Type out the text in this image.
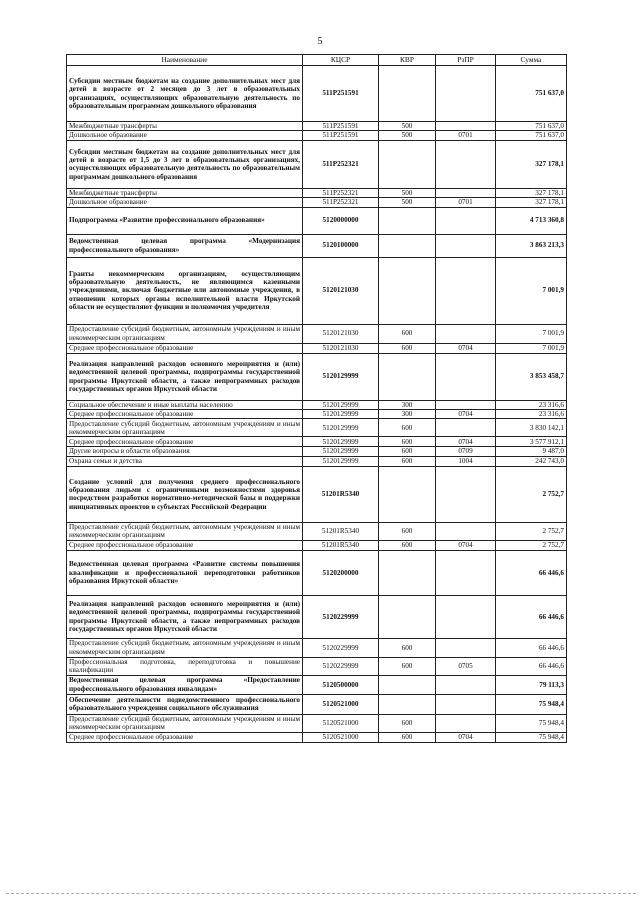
5
Наименование	КЦСР	КВР	РзПР	Сумма
Субсидии местным бюджетам на создание дополнительных мест для детей в возрасте от 2 месяцев до 3 лет в образовательных организациях, осуществляющих образовательную деятельность по образовательным программам дошкольного образования	511P251591			751 637,0
Межбюджетные трансферты	511P251591	500		751 637,0
Дошкольное образование	511P251591	500	0701	751 637,0
Субсидии местным бюджетам на создание дополнительных мест для детей в возрасте от 1,5 до 3 лет в образовательных организациях, осуществляющих образовательную деятельность по образовательным программам дошкольного образования	511P252321			327 178,1
Межбюджетные трансферты	511P252321	500		327 178,1
Дошкольное образование	511P252321	500	0701	327 178,1
Подпрограмма «Развитие профессионального образования»	5120000000			4 713 360,8
Ведомственная целевая программа «Модернизация профессионального образования»	5120100000			3 863 213,3
Гранты некоммерческим организациям, осуществляющим образовательную деятельность, не являющимся казенными учреждениями, включая бюджетные или автономные учреждения, в отношении которых органы исполнительной власти Иркутской области не осуществляют функции и полномочия учредителя	5120121030			7 001,9
Предоставление субсидий бюджетным, автономным учреждениям и иным некоммерческим организациям	5120121030	600		7 001,9
Среднее профессиональное образование	5120121030	600	0704	7 001,9
Реализация направлений расходов основного мероприятия и (или) ведомственной целевой программы, подпрограммы государственной программы Иркутской области, а также непрограммных расходов государственных органов Иркутской области	5120129999			3 853 458,7
Социальное обеспечение и иные выплаты населению	5120129999	300		23 316,6
Среднее профессиональное образование	5120129999	300	0704	23 316,6
Предоставление субсидий бюджетным, автономным учреждениям и иным некоммерческим организациям	5120129999	600		3 830 142,1
Среднее профессиональное образование	5120129999	600	0704	3 577 912,1
Другие вопросы в области образования	5120129999	600	0709	9 487,0
Охрана семьи и детства	5120129999	600	1004	242 743,0
Создание условий для получения среднего профессионального образования людьми с ограниченными возможностями здоровья посредством разработки нормативно-методической базы и поддержки инициативных проектов в субъектах Российской Федерации	51201R5340			2 752,7
Предоставление субсидий бюджетным, автономным учреждениям и иным некоммерческим организациям	51201R5340	600		2 752,7
Среднее профессиональное образование	51201R5340	600	0704	2 752,7
Ведомственная целевая программа «Развитие системы повышения квалификации и профессиональной переподготовки работников образования Иркутской области»	5120200000			66 446,6
Реализация направлений расходов основного мероприятия и (или) ведомственной целевой программы, подпрограммы государственной программы Иркутской области, а также непрограммных расходов государственных органов Иркутской области	5120229999			66 446,6
Предоставление субсидий бюджетным, автономным учреждениям и иным некоммерческим организациям	5120229999	600		66 446,6
Профессиональная подготовка, переподготовка и повышение квалификации	5120229999	600	0705	66 446,6
Ведомственная целевая программа «Предоставление профессионального образования инвалидам»	5120500000			79 113,3
Обеспечение деятельности подведомственного профессионального образовательного учреждения социального обслуживания	5120521000			75 948,4
Предоставление субсидий бюджетным, автономным учреждениям и иным некоммерческим организациям	5120521000	600		75 948,4
Среднее профессиональное образование	5120521000	600	0704	75 948,4
